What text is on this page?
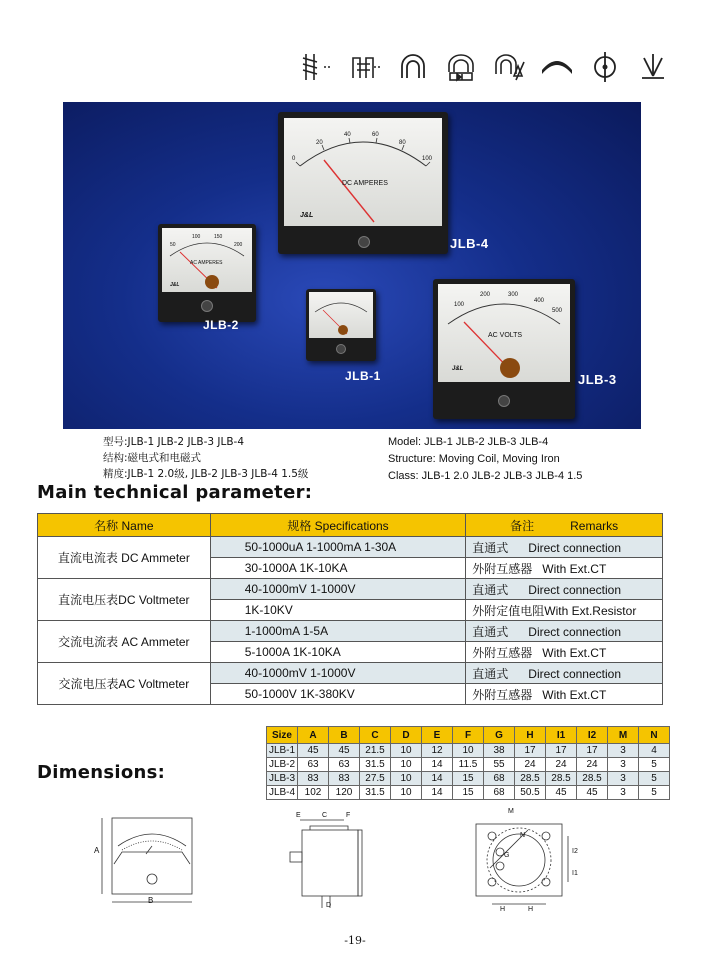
0
20
40	60
80
100
DC AMPERES
J&L
JLB-4
50
100	150
200
AC AMPERES
J&L
JLB-2
JLB-1
100
200	300
400
500
AC VOLTS
J&L
JLB-3
型号:JLB-1 JLB-2 JLB-3 JLB-4
结构:磁电式和电磁式
精度:JLB-1 2.0级, JLB-2 JLB-3 JLB-4 1.5级
Model: JLB-1 JLB-2 JLB-3 JLB-4
Structure: Moving Coil, Moving Iron
Class: JLB-1 2.0 JLB-2 JLB-3 JLB-4 1.5
Main technical parameter:
名称 Name	规格 Specifications	备注 Remarks
直流电流表 DC Ammeter	50-1000uA 1-1000mA 1-30A	直通式 Direct connection
	30-1000A 1K-10KA	外附互感器 With Ext.CT
直流电压表DC Voltmeter	40-1000mV 1-1000V	直通式 Direct connection
	1K-10KV	外附定值电阻With Ext.Resistor
交流电流表 AC Ammeter	1-1000mA 1-5A	直通式 Direct connection
	5-1000A 1K-10KA	外附互感器 With Ext.CT
交流电压表AC Voltmeter	40-1000mV 1-1000V	直通式 Direct connection
	50-1000V 1K-380KV	外附互感器 With Ext.CT
Dimensions:
Size	A	B	C	D	E	F	G	H	I1	I2	M	N
JLB-1	45	45	21.5	10	12	10	38	17	17	17	3	4
JLB-2	63	63	31.5	10	14	11.5	55	24	24	24	3	5
JLB-3	83	83	27.5	10	14	15	68	28.5	28.5	28.5	3	5
JLB-4	102	120	31.5	10	14	15	68	50.5	45	45	3	5
A
B
E	C	F
D
M
N
G
I2
I1
H	H
-19-
